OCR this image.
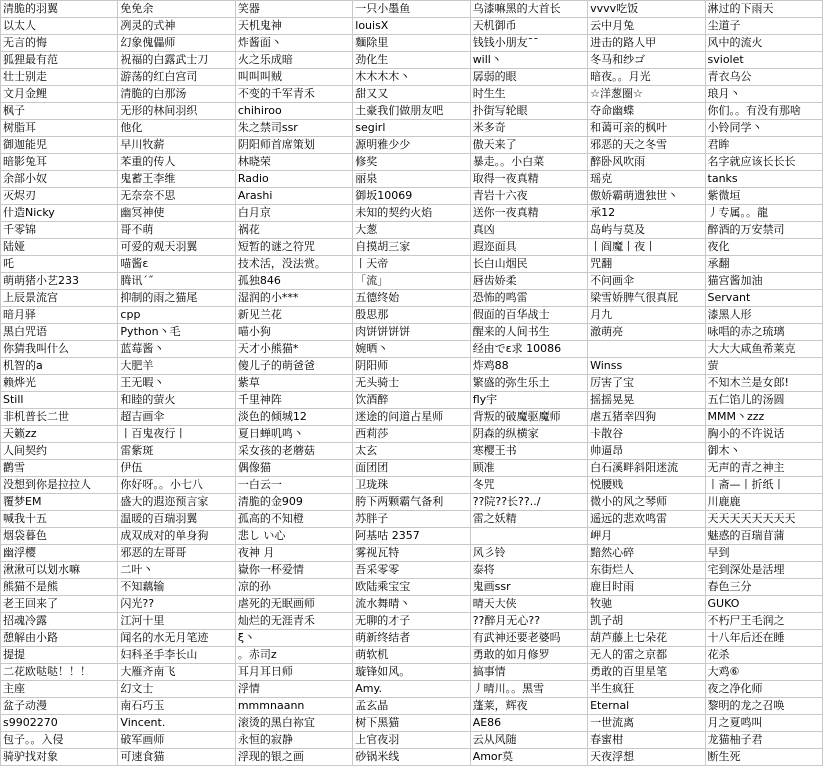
清脆的羽翼	免免余	笑器	一只小墨鱼	乌漆嘛黑的大首长	vvvv吃饭	淋过的下雨天
以太人	冽灵的式神	天机鬼神	louisX	天机御币	云中月兔	尘道子
无言的悔	幻象傀儡师	炸酱面丶	麵除里	钱钱小朋友¯¯	进击的路人甲	风中的流火
狐狸最有范	祝福的白露武士刀	火之乐成暗	劲化生	will丶	冬马和纱ゴ	sviolet
壮士别走	游荡的红白宫司	叫叫叫贼	木木木木丶	孱弱的眼	暗夜。。月光	青衣乌公
文月金鲤	清脆的白那汤	不变的千军青禾	甜又又	时生生	☆洋葱圈☆	琅月丶
枫子	无形的林间羽织	chihiroo	土豪我们做朋友吧	扑街写轮眼	夺命幽蝶	你们。。有没有那啥
树脂耳	他化	朱之禁司ssr	segirl	米多奇	和蔼可亲的枫叶	小铃同学丶
御迦能児	早川牧薪	阴阳师首席策划	源明雅少少	傲天来了	邪恶的天之冬雪	君眸
暗影兔耳	苯重的传人	林晓荣	修奖	暴走。。小白菜	醉卧风吹雨	名字就应该长长长
余部小奴	鬼蓄王李维	Radio	丽泉	取得一夜真精	瑶克	tanks
灭烬刃	无奈奈不思	Arashi	御坂10069	青岩十六夜	傲娇霸萌遗独世丶	紫微垣
什造Nicky	幽冥神使	白月京	未知的契约火焰	送你一夜真精	承12	丿专属。。龍
千零锦	哥不萌	祸花	大葱	真凶	岛屿与莫及	醉酒的万安禁司
陆娅	可爱的观天羽翼	短暂的谜之符咒	自摸胡三家	遐迩面具	丨阎魔丨夜丨	夜化
吒	喵酱ɛ	技术活，没法赏。	丨天帝	长白山烟民	咒翻	承翻
萌萌猪小艺233	腾讯ˊ˝	孤独846	「流」	唇齿娇柔	不问画伞	猫宫酱加油
上辰景流宫	抑制的雨之猫尾	湿润的小***	五德终始	恐怖的鸣雷	梁雪娇脾气很真屁	Servant
暗月驿	cpp	新见兰花	殷思那	假面的百华战士	月九	漆黑人形
黑白咒语	Python丶毛	喵小狗	肉饼饼饼饼	醒来的人间书生	澈萌亮	咏唱的赤之琉璃
你猜我叫什么	蓝莓酱丶	天才小熊猫*	婉晒丶	经由でɛ求 10086		大大大咸鱼希莱克
机智的a	大肥羊	傻儿子的萌爸爸	阴阳师	炸鸡88	Winss	萤
赖烨光	王无暇丶	紫草	无头骑士	繁盛的弥生乐土	厉害了宝	不知木兰是女郎!
Still	和睦的萤火	千里神阵	饮酒醉	fly宇	摇摇晃晃	五仁馅儿的汤圆
非机普长二世	超吉画伞	淡色的倾城12	迷途的问道占星师	背叛的破魔驱魔师	虐五猪幸四狗	MMM丶zzz
天籁zz	丨百鬼夜行丨	夏日蝉叽鸣丶	西莉莎	阴森的纵横家	卡散谷	胸小的不许说话
人间契约	雷紫斑	采女孩的老蘑菇	太玄	寒樱王书	帅逼昂	御木丶
鹳雪	伊伍	偶像猫	面团团	顾准	白石溪畔斜阳迷流	无声的青之神主
没想到你是拉拉人	你好呀。。小七八	一白云一	卫珑珠	冬咒	悦腰贱	丨斋—丨折纸丨
覆梦EM	盛大的遐迩预言家	清脆的金909	胯下两颗霸气备利	??院??长??../	微小的风之琴师	川鹿鹿
喊我十五	温暖的百瑞羽翼	孤高的不知橙	苏胖子	雷之妖精	遥远的悲欢鸣雷	天天天天天天天天
烟袋暮色	成双成对的单身狗	悲し い心	阿基咕 2357		岬月	魅惑的百瑞苜蒲
幽浮樱	邪恶的左哥哥	夜神 月	雾视瓦特	风彡铃	黯然心碎	早到
湫湫可以划水嘛	二叶丶	嶽你一杯爱情	吾采零零	泰将	东街烂人	宅到深处是活埋
熊猫不是熊	不知藕输	凉的孙	欧陆乘宝宝	鬼画ssr	鹿目时雨	春色三分
老王回来了	闪光??	虐死的无眠画师	流水舞晴丶	晴天大侠	牧驰	GUKO
招魂冷露	江河十里	灿烂的无涯青禾	无聊的才子	??醉月无心??	凯子胡	不朽尸王毛润之
憩解由小路	闻名的水无月笔迹	ξ丶	萌新终结者	有武神还要老婆吗	葫芦藤上七朵花	十八年后还在睡
提提	妇科圣手李长山	。赤司z	萌软机	勇敢的如月修罗	无人的雷之京都	花杀
二花欧哒哒！！！	大雁齐南飞	耳月耳日师	璇锋如风。	搞事情	勇敢的百里星笔	大鸡⑥
主座	幻文士	浮情	Amy.	丿晴川。。黑雪	半生疯狂	夜之净化师
盆子动漫	南石巧玉	mmmnaann	孟玄晶	蓬莱，辉夜	Eternal	黎明的龙之召唤
s9902270	Vincent.	滚烫的黑白祢宜	树下黑猫	AE86	一世流离	月之夏鸣叫
包子。。入侵	破军画师	永恒的寂静	上官夜羽	云从风随	春蜜柑	龙猫柚子君
骑驴找对象	可速食猫	浮现的银之画	砂锅米线	Amor莫	天夜浮想	断生死
